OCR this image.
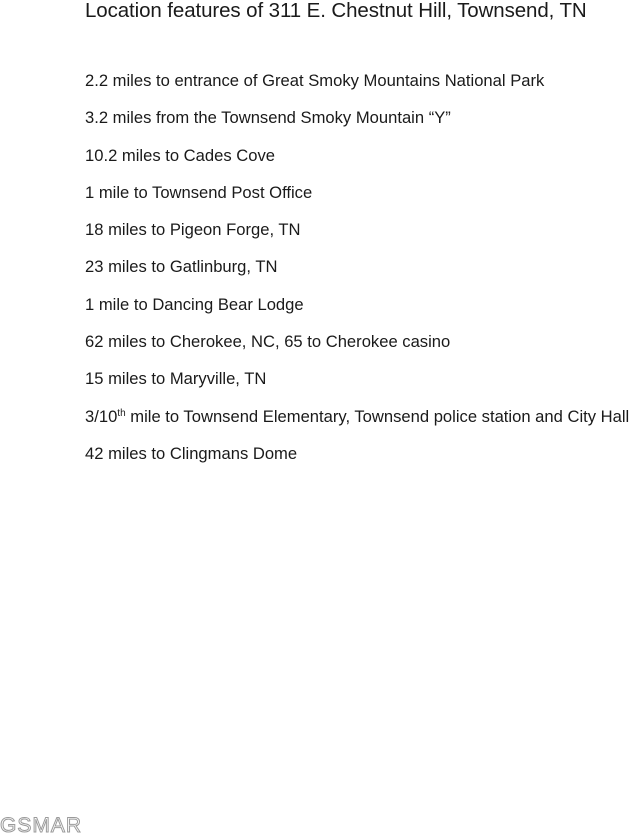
Location features of 311 E. Chestnut Hill, Townsend, TN
2.2 miles to entrance of Great Smoky Mountains National Park
3.2 miles from the Townsend Smoky Mountain “Y”
10.2 miles to Cades Cove
1 mile to Townsend Post Office
18 miles to Pigeon Forge, TN
23 miles to Gatlinburg, TN
1 mile to Dancing Bear Lodge
62 miles to Cherokee, NC, 65 to Cherokee casino
15 miles to Maryville, TN
3/10th mile to Townsend Elementary, Townsend police station and City Hall
42 miles to Clingmans Dome
GSMAR
